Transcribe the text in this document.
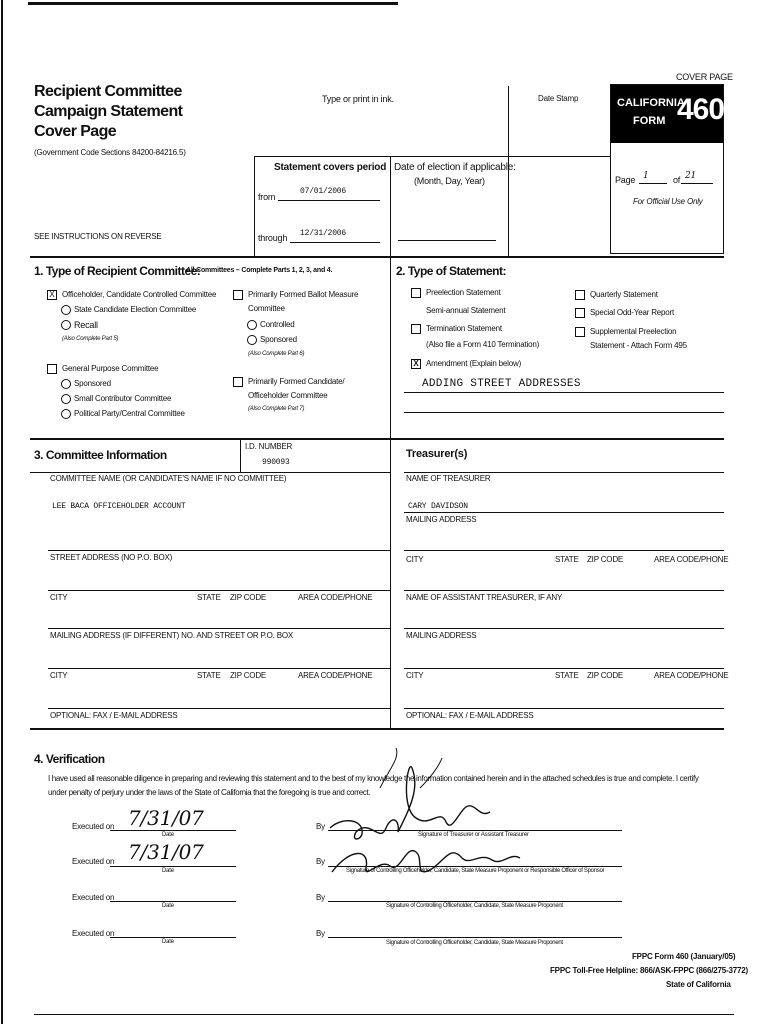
COVER PAGE
Recipient Committee
Campaign Statement
Cover Page
(Government Code Sections 84200-84216.5)
Type or print in ink.	Date Stamp	CALIFORNIA
FORM 460
Page 1	of 21
For Official Use Only
Statement covers period
from
07/01/2006
through 12/31/2006
SEE INSTRUCTIONS ON REVERSE
Date of election if applicable:
(Month, Day, Year)
1. Type of Recipient Committee:
All Committees – Complete Parts 1, 2, 3, and 4.
X Officeholder, Candidate Controlled Committee
State Candidate Election Committee
Recall
(Also Complete Part 5)
General Purpose Committee
Sponsored
Small Contributor Committee
Political Party/Central Committee
Primarily Formed Ballot Measure
Committee
Controlled
Sponsored
(Also Complete Part 6)
Primarily Formed Candidate/
Officeholder Committee
(Also Complete Part 7)
2. Type of Statement:
Preelection Statement
Semi-annual Statement
Termination Statement
(Also file a Form 410 Termination)
X Amendment (Explain below)
ADDING STREET ADDRESSES
Quarterly Statement
Special Odd-Year Report
Supplemental Preelection
Statement - Attach Form 495
3. Committee Information
I.D. NUMBER
990093
COMMITTEE NAME (OR CANDIDATE'S NAME IF NO COMMITTEE)
LEE BACA OFFICEHOLDER ACCOUNT
STREET ADDRESS (NO P.O. BOX)
CITY	STATE ZIP CODE	AREA CODE/PHONE
MAILING ADDRESS (IF DIFFERENT) NO. AND STREET OR P.O. BOX
CITY	STATE ZIP CODE	AREA CODE/PHONE
OPTIONAL: FAX / E-MAIL ADDRESS
Treasurer(s)
NAME OF TREASURER
CARY DAVIDSON
MAILING ADDRESS
CITY	STATE ZIP CODE	AREA CODE/PHONE
NAME OF ASSISTANT TREASURER, IF ANY
MAILING ADDRESS
CITY	STATE ZIP CODE	AREA CODE/PHONE
OPTIONAL: FAX / E-MAIL ADDRESS
4. Verification
I have used all reasonable diligence in preparing and reviewing this statement and to the best of my knowledge the information contained herein and in the attached schedules is true and complete. I certify
under penalty of perjury under the laws of the State of California that the foregoing is true and correct.
Executed on 7/31/07
Date
By
Signature of Treasurer or Assistant Treasurer
Executed on 7/31/07
Date
By
Signature of Controlling Officeholder, Candidate, State Measure Proponent or Responsible Officer of Sponsor
Executed on
Date
By
Signature of Controlling Officeholder, Candidate, State Measure Proponent
Executed on
Date
By
Signature of Controlling Officeholder, Candidate, State Measure Proponent
FPPC Form 460 (January/05)
FPPC Toll-Free Helpline: 866/ASK-FPPC (866/275-3772)
State of California
